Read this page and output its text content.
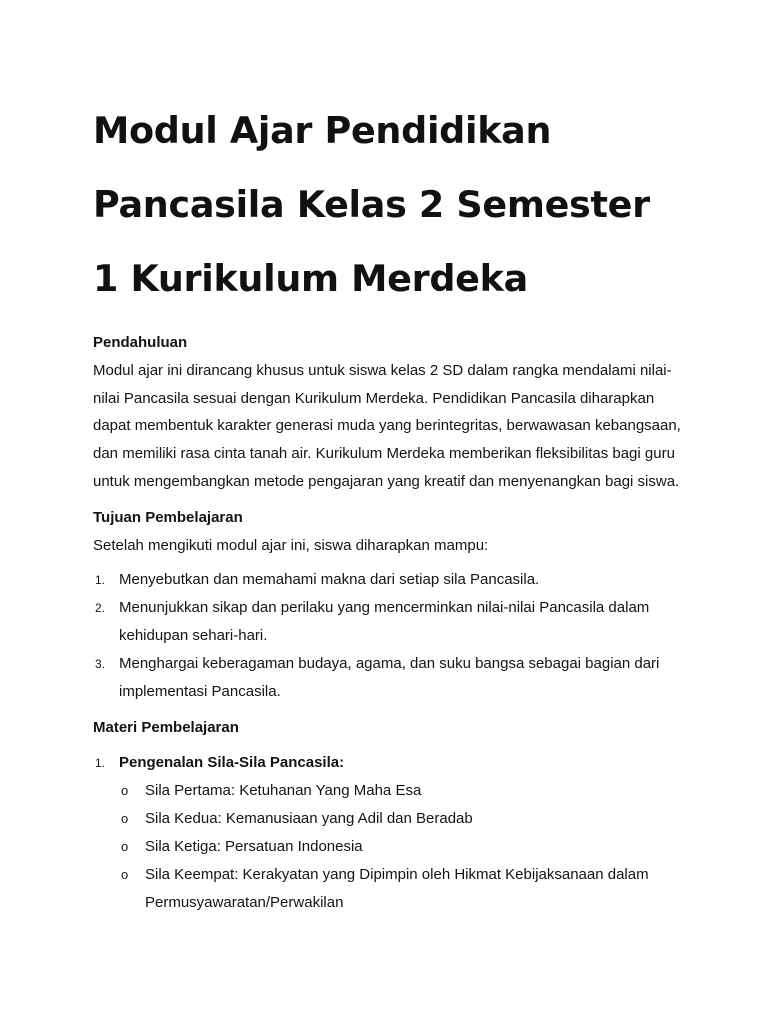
Modul Ajar Pendidikan Pancasila Kelas 2 Semester 1 Kurikulum Merdeka
Pendahuluan

Modul ajar ini dirancang khusus untuk siswa kelas 2 SD dalam rangka mendalami nilai-nilai Pancasila sesuai dengan Kurikulum Merdeka. Pendidikan Pancasila diharapkan dapat membentuk karakter generasi muda yang berintegritas, berwawasan kebangsaan, dan memiliki rasa cinta tanah air. Kurikulum Merdeka memberikan fleksibilitas bagi guru untuk mengembangkan metode pengajaran yang kreatif dan menyenangkan bagi siswa.

Tujuan Pembelajaran

Setelah mengikuti modul ajar ini, siswa diharapkan mampu:

1. Menyebutkan dan memahami makna dari setiap sila Pancasila.
2. Menunjukkan sikap dan perilaku yang mencerminkan nilai-nilai Pancasila dalam kehidupan sehari-hari.
3. Menghargai keberagaman budaya, agama, dan suku bangsa sebagai bagian dari implementasi Pancasila.
Materi Pembelajaran
1. Pengenalan Sila-Sila Pancasila:
o Sila Pertama: Ketuhanan Yang Maha Esa
o Sila Kedua: Kemanusiaan yang Adil dan Beradab
o Sila Ketiga: Persatuan Indonesia
o Sila Keempat: Kerakyatan yang Dipimpin oleh Hikmat Kebijaksanaan dalam Permusyawaratan/Perwakilan
